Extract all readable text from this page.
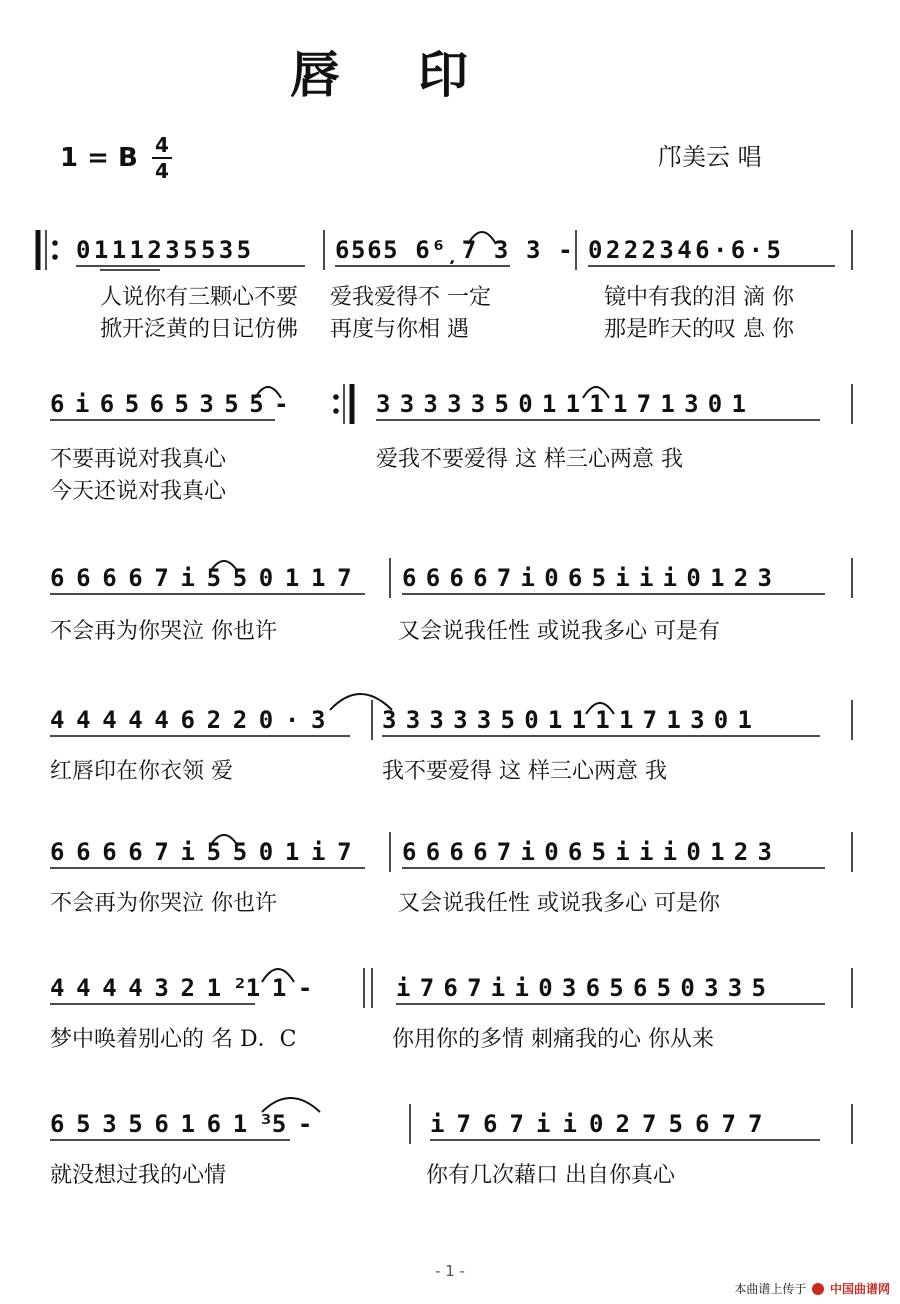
唇印
1 = B 4
4	邝美云 唱
0111235535	6565 6⁶̦7 3 3 - 0222346·6·5
人说你有三颗心不要 爱我爱得不 一定	镜中有我的泪 滴 你
掀开泛黄的日记仿佛 再度与你相 遇	那是昨天的叹 息 你
6 i 6 5 6 5 3 5 5 -	3 3 3 3 3 5 0 1 1 1 1 7 1 3 0 1
不要再说对我真心	爱我不要爱得 这 样三心两意 我
今天还说对我真心
6 6 6 6 7 i 5 5 0 1 1 7 6 6 6 6 7 i 0 6 5 i i i 0 1 2 3
不会再为你哭泣 你也许	又会说我任性 或说我多心 可是有
4 4 4 4 4 6 2 2 0 · 3 3 3 3 3 3 5 0 1 1 1 1 7 1 3 0 1
红唇印在你衣领 爱	我不要爱得 这 样三心两意 我
6 6 6 6 7 i 5 5 0 1 i 7 6 6 6 6 7 i 0 6 5 i i i 0 1 2 3
不会再为你哭泣 你也许	又会说我任性 或说我多心 可是你
4 4 4 4 3 2 1 ²1 1 -	i 7 6 7 i i 0 3 6 5 6 5 0 3 3 5
梦中唤着别心的 名 D．C	你用你的多情 刺痛我的心 你从来
6 5 3 5 6 1 6 1 ³5 -	i 7 6 7 i i 0 2 7 5 6 7 7
就没想过我的心情	你有几次藉口 出自你真心
- 1 -
本曲谱上传于 中国曲谱网
